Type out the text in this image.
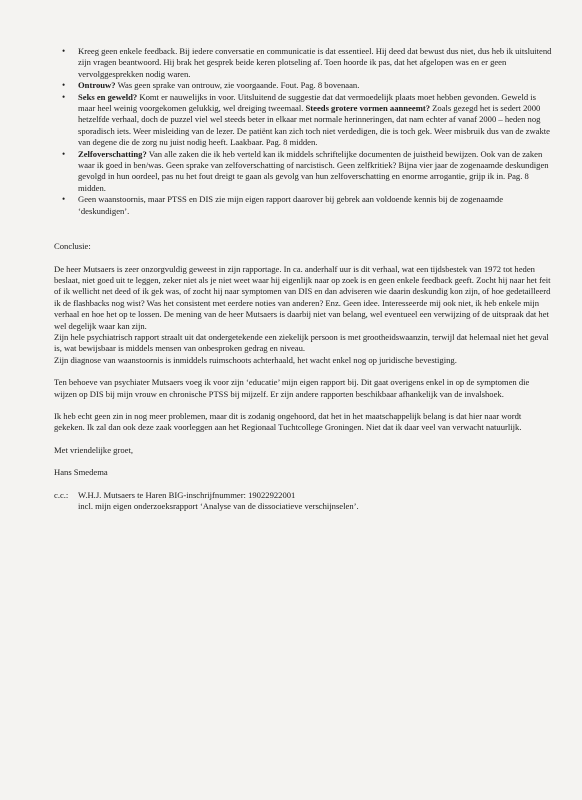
• Kreeg geen enkele feedback. Bij iedere conversatie en communicatie is dat essentieel. Hij deed dat bewust dus niet, dus heb ik uitsluitend zijn vragen beantwoord. Hij brak het gesprek beide keren plotseling af. Toen hoorde ik pas, dat het afgelopen was en er geen vervolggesprekken nodig waren.
• Ontrouw? Was geen sprake van ontrouw, zie voorgaande. Fout. Pag. 8 bovenaan.
• Seks en geweld? Komt er nauwelijks in voor. Uitsluitend de suggestie dat dat vermoedelijk plaats moet hebben gevonden. Geweld is maar heel weinig voorgekomen gelukkig, wel dreiging tweemaal. Steeds grotere vormen aanneemt? Zoals gezegd het is sedert 2000 hetzelfde verhaal, doch de puzzel viel wel steeds beter in elkaar met normale herinneringen, dat nam echter af vanaf 2000 – heden nog sporadisch iets. Weer misleiding van de lezer. De patiënt kan zich toch niet verdedigen, die is toch gek. Weer misbruik dus van de zwakte van degene die de zorg nu juist nodig heeft. Laakbaar. Pag. 8 midden.
• Zelfoverschatting? Van alle zaken die ik heb verteld kan ik middels schriftelijke documenten de juistheid bewijzen. Ook van de zaken waar ik goed in ben/was. Geen sprake van zelfoverschatting of narcistisch. Geen zelfkritiek? Bijna vier jaar de zogenaamde deskundigen gevolgd in hun oordeel, pas nu het fout dreigt te gaan als gevolg van hun zelfoverschatting en enorme arrogantie, grijp ik in. Pag. 8 midden.
• Geen waanstoornis, maar PTSS en DIS zie mijn eigen rapport daarover bij gebrek aan voldoende kennis bij de zogenaamde ‘deskundigen’.

Conclusie:

De heer Mutsaers is zeer onzorgvuldig geweest in zijn rapportage. In ca. anderhalf uur is dit verhaal, wat een tijdsbestek van 1972 tot heden beslaat, niet goed uit te leggen, zeker niet als je niet weet waar hij eigenlijk naar op zoek is en geen enkele feedback geeft. Zocht hij naar het feit of ik wellicht net deed of ik gek was, of zocht hij naar symptomen van DIS en dan adviseren wie daarin deskundig kon zijn, of hoe gedetailleerd ik de flashbacks nog wist? Was het consistent met eerdere noties van anderen? Enz. Geen idee. Interesseerde mij ook niet, ik heb enkele mijn verhaal en hoe het op te lossen. De mening van de heer Mutsaers is daarbij niet van belang, wel eventueel een verwijzing of de uitspraak dat het wel degelijk waar kan zijn.

Zijn hele psychiatrisch rapport straalt uit dat ondergetekende een ziekelijk persoon is met grootheidswaanzin, terwijl dat helemaal niet het geval is, wat bewijsbaar is middels mensen van onbesproken gedrag en niveau.

Zijn diagnose van waanstoornis is inmiddels ruimschoots achterhaald, het wacht enkel nog op juridische bevestiging.

Ten behoeve van psychiater Mutsaers voeg ik voor zijn ‘educatie’ mijn eigen rapport bij. Dit gaat overigens enkel in op de symptomen die wijzen op DIS bij mijn vrouw en chronische PTSS bij mijzelf. Er zijn andere rapporten beschikbaar afhankelijk van de invalshoek.

Ik heb echt geen zin in nog meer problemen, maar dit is zodanig ongehoord, dat het in het maatschappelijk belang is dat hier naar wordt gekeken. Ik zal dan ook deze zaak voorleggen aan het Regionaal Tuchtcollege Groningen. Niet dat ik daar veel van verwacht natuurlijk.

Met vriendelijke groet,

Hans Smedema

c.c.:	W.H.J. Mutsaers te Haren BIG-inschrijfnummer: 19022922001
incl. mijn eigen onderzoeksrapport ‘Analyse van de dissociatieve verschijnselen’.
